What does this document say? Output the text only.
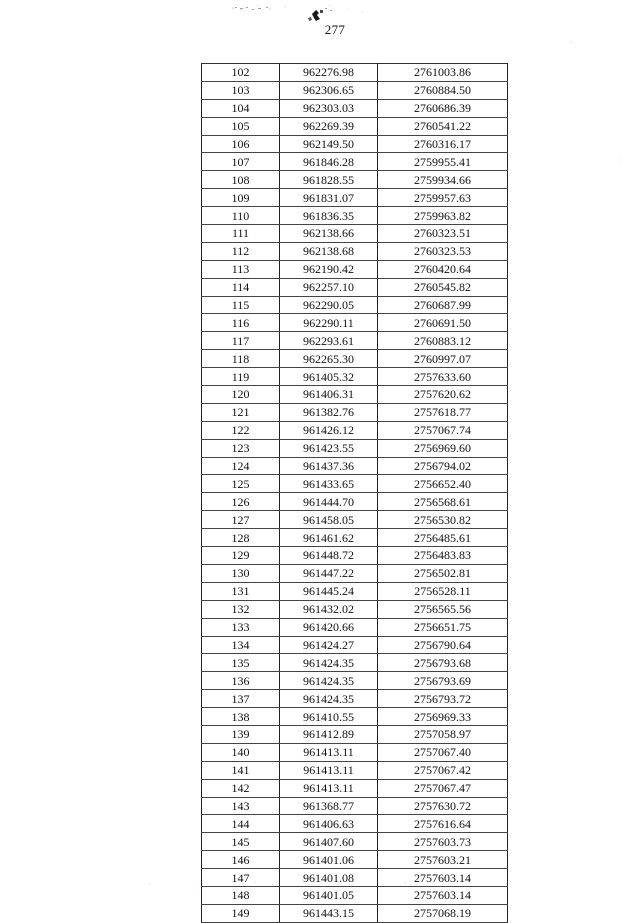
277
102	962276.98	2761003.86
103	962306.65	2760884.50
104	962303.03	2760686.39
105	962269.39	2760541.22
106	962149.50	2760316.17
107	961846.28	2759955.41
108	961828.55	2759934.66
109	961831.07	2759957.63
110	961836.35	2759963.82
111	962138.66	2760323.51
112	962138.68	2760323.53
113	962190.42	2760420.64
114	962257.10	2760545.82
115	962290.05	2760687.99
116	962290.11	2760691.50
117	962293.61	2760883.12
118	962265.30	2760997.07
119	961405.32	2757633.60
120	961406.31	2757620.62
121	961382.76	2757618.77
122	961426.12	2757067.74
123	961423.55	2756969.60
124	961437.36	2756794.02
125	961433.65	2756652.40
126	961444.70	2756568.61
127	961458.05	2756530.82
128	961461.62	2756485.61
129	961448.72	2756483.83
130	961447.22	2756502.81
131	961445.24	2756528.11
132	961432.02	2756565.56
133	961420.66	2756651.75
134	961424.27	2756790.64
135	961424.35	2756793.68
136	961424.35	2756793.69
137	961424.35	2756793.72
138	961410.55	2756969.33
139	961412.89	2757058.97
140	961413.11	2757067.40
141	961413.11	2757067.42
142	961413.11	2757067.47
143	961368.77	2757630.72
144	961406.63	2757616.64
145	961407.60	2757603.73
146	961401.06	2757603.21
147	961401.08	2757603.14
148	961401.05	2757603.14
149	961443.15	2757068.19
